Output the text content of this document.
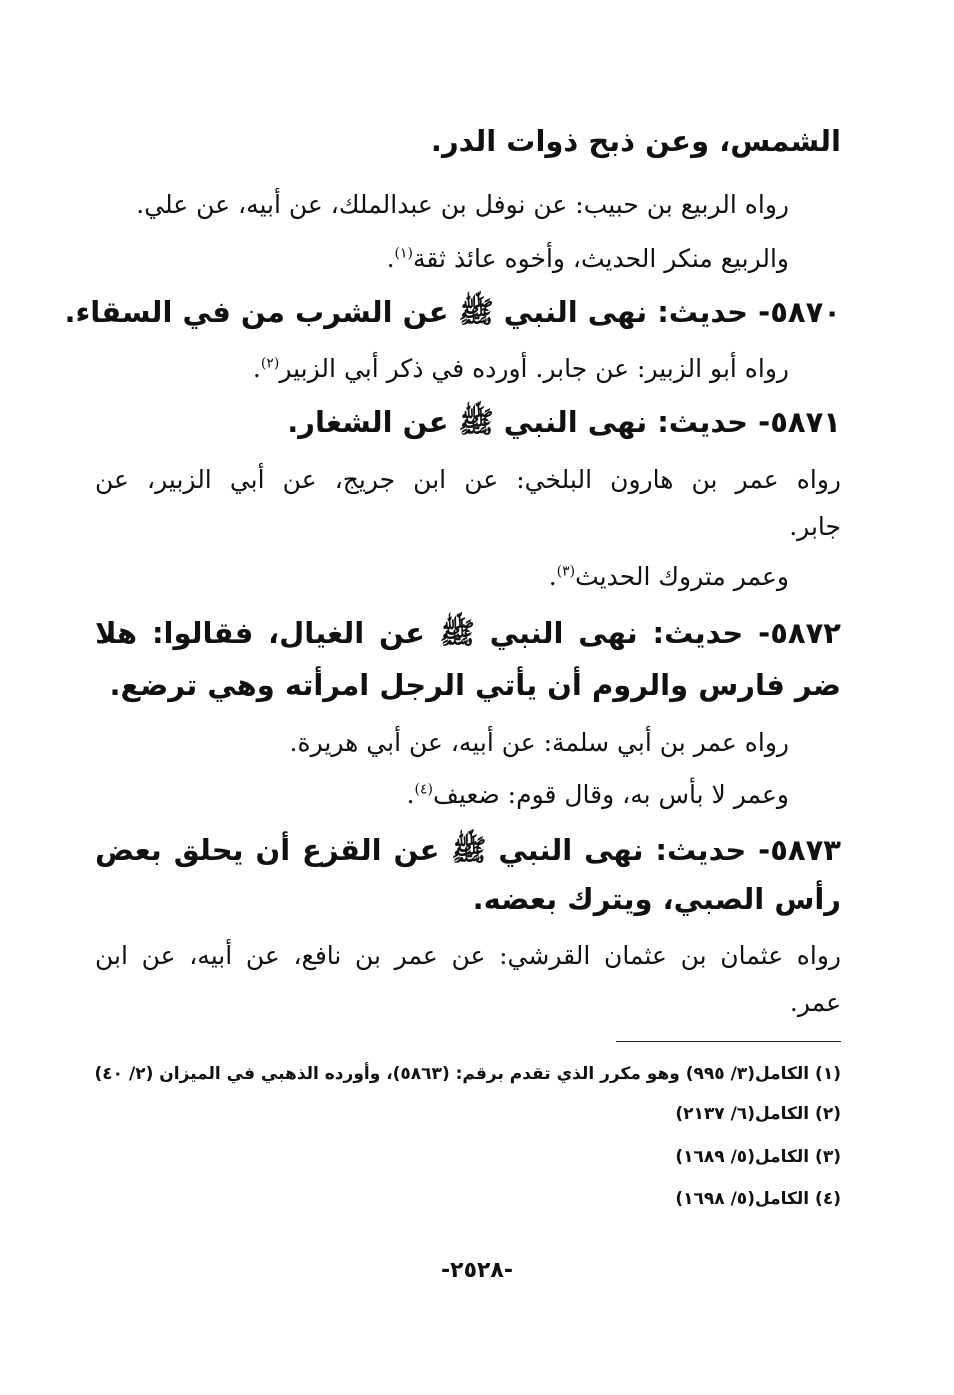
الشمس، وعن ذبح ذوات الدر.
رواه الربيع بن حبيب: عن نوفل بن عبدالملك، عن أبيه، عن علي.
والربيع منكر الحديث، وأخوه عائذ ثقة$^{(١)}$.
٥٨٧٠- حديث: نهى النبي ﷺ عن الشرب من في السقاء.
رواه أبو الزبير: عن جابر. أورده في ذكر أبي الزبير$^{(٢)}$.
٥٨٧١- حديث: نهى النبي ﷺ عن الشغار.
رواه عمر بن هارون البلخي: عن ابن جريج، عن أبي الزبير، عن
جابر.
وعمر متروك الحديث$^{(٣)}$.
٥٨٧٢- حديث: نهى النبي ﷺ عن الغيال، فقالوا: هلا
ضر فارس والروم أن يأتي الرجل امرأته وهي ترضع.
رواه عمر بن أبي سلمة: عن أبيه، عن أبي هريرة.
وعمر لا بأس به، وقال قوم: ضعيف$^{(٤)}$.
٥٨٧٣- حديث: نهى النبي ﷺ عن القزع أن يحلق بعض
رأس الصبي، ويترك بعضه.
رواه عثمان بن عثمان القرشي: عن عمر بن نافع، عن أبيه، عن ابن
عمر.
(١) الكامل(٣/ ٩٩٥) وهو مكرر الذي تقدم برقم: (٥٨٦٣)، وأورده الذهبي في الميزان (٢/ ٤٠)
(٢) الكامل(٦/ ٢١٣٧)
(٣) الكامل(٥/ ١٦٨٩)
(٤) الكامل(٥/ ١٦٩٨)
-٢٥٢٨-
